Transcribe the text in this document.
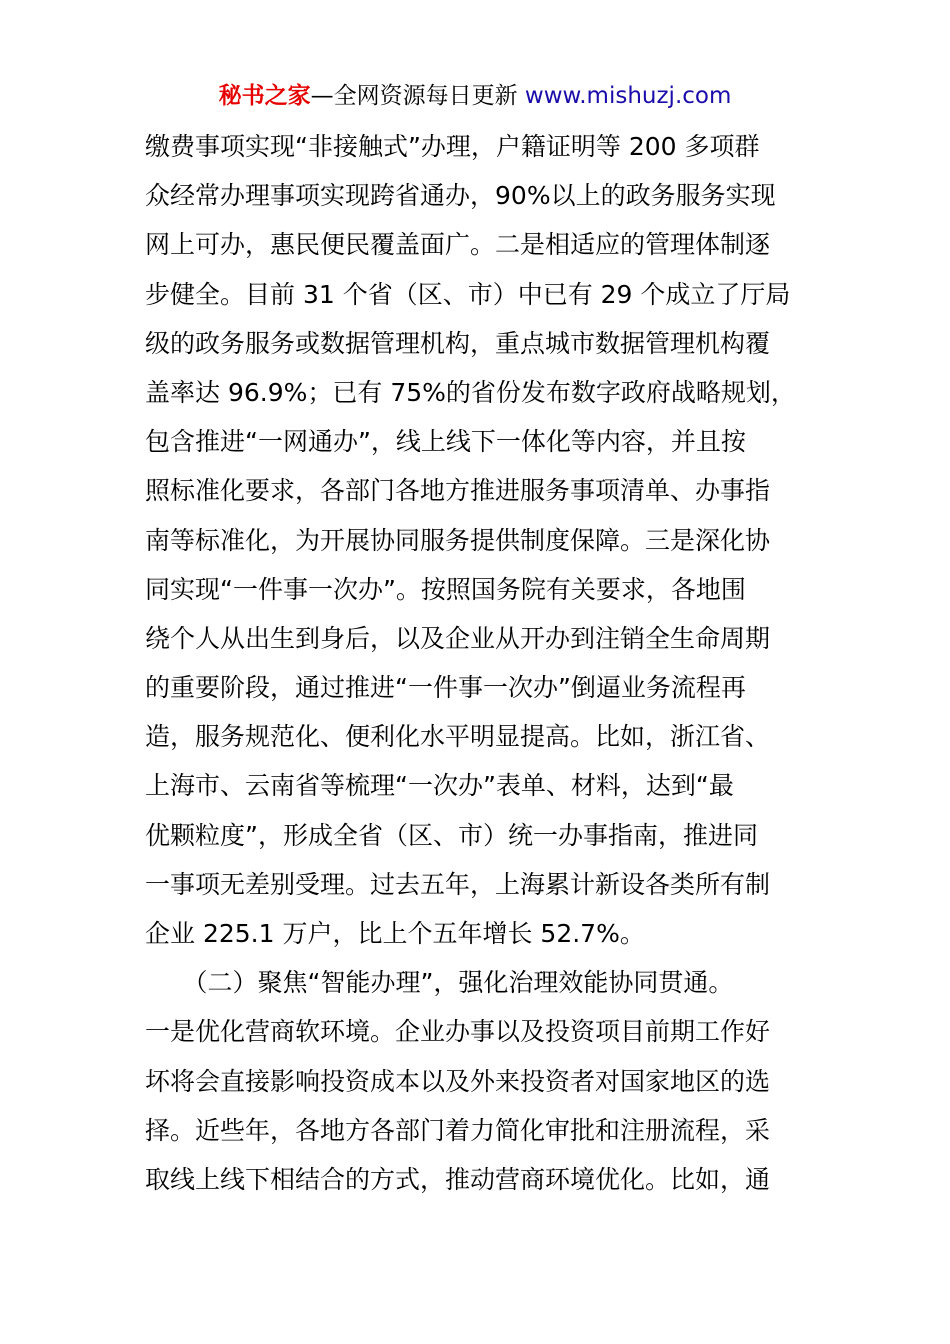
秘书之家—全网资源每日更新 www.mishuzj.com
缴费事项实现“非接触式”办理，户籍证明等 200 多项群
众经常办理事项实现跨省通办，90%以上的政务服务实现
网上可办，惠民便民覆盖面广。二是相适应的管理体制逐
步健全。目前 31 个省（区、市）中已有 29 个成立了厅局
级的政务服务或数据管理机构，重点城市数据管理机构覆
盖率达 96.9%；已有 75%的省份发布数字政府战略规划，
包含推进“一网通办”，线上线下一体化等内容，并且按
照标准化要求，各部门各地方推进服务事项清单、办事指
南等标准化，为开展协同服务提供制度保障。三是深化协
同实现“一件事一次办”。按照国务院有关要求，各地围
绕个人从出生到身后，以及企业从开办到注销全生命周期
的重要阶段，通过推进“一件事一次办”倒逼业务流程再
造，服务规范化、便利化水平明显提高。比如，浙江省、
上海市、云南省等梳理“一次办”表单、材料，达到“最
优颗粒度”，形成全省（区、市）统一办事指南，推进同
一事项无差别受理。过去五年，上海累计新设各类所有制
企业 225.1 万户，比上个五年增长 52.7%。
　　（二）聚焦“智能办理”，强化治理效能协同贯通。
一是优化营商软环境。企业办事以及投资项目前期工作好
坏将会直接影响投资成本以及外来投资者对国家地区的选
择。近些年，各地方各部门着力简化审批和注册流程，采
取线上线下相结合的方式，推动营商环境优化。比如，通
